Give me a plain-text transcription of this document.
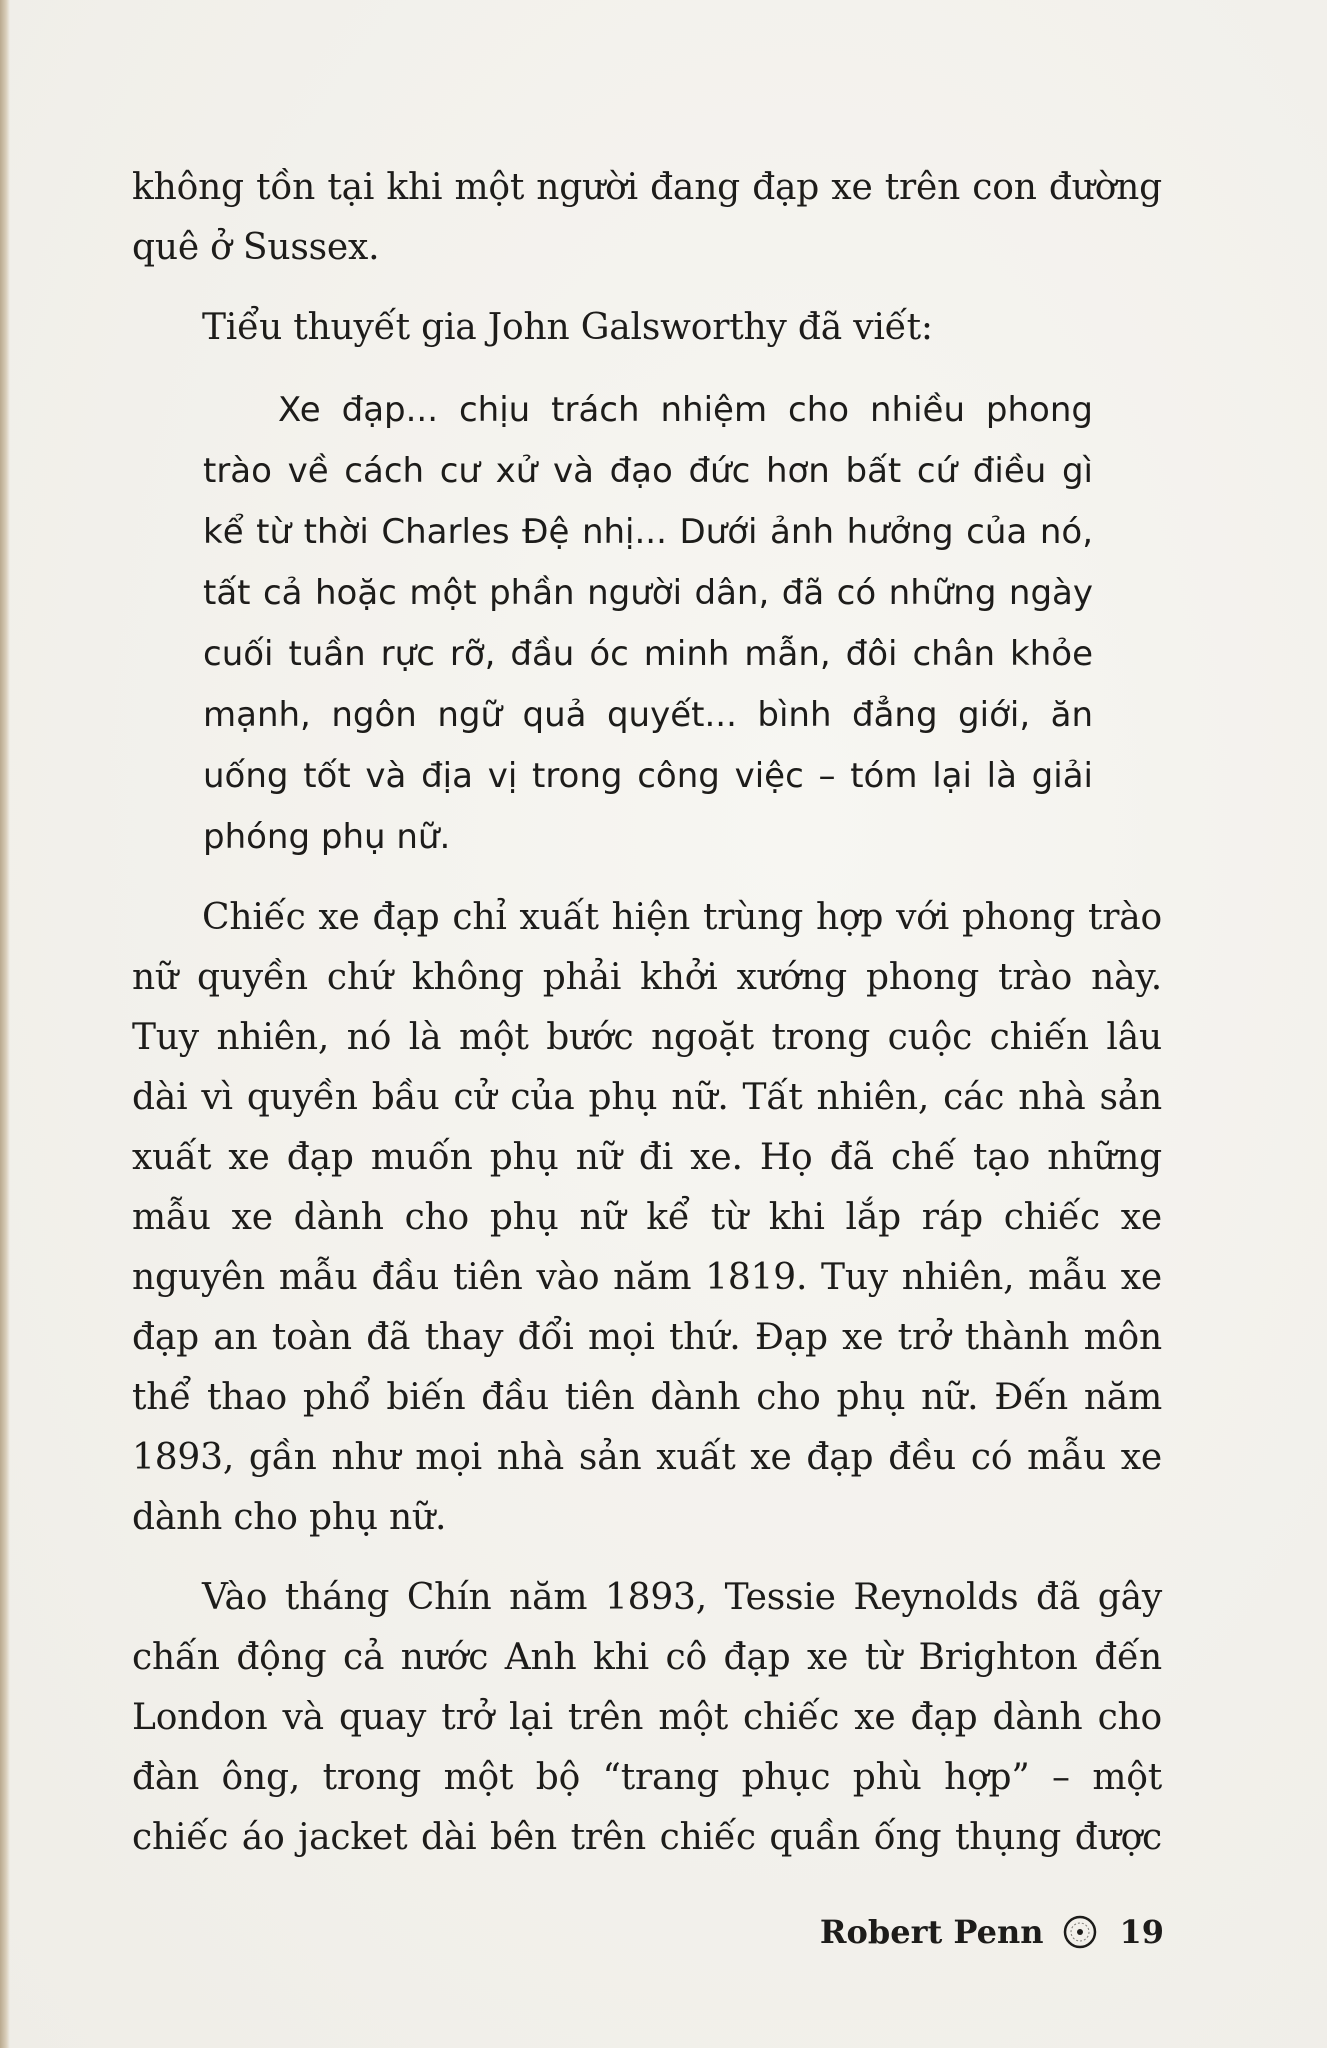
không tồn tại khi một người đang đạp xe trên con đường
quê ở Sussex.
Tiểu thuyết gia John Galsworthy đã viết:
Xe đạp... chịu trách nhiệm cho nhiều phong
trào về cách cư xử và đạo đức hơn bất cứ điều gì
kể từ thời Charles Đệ nhị... Dưới ảnh hưởng của nó,
tất cả hoặc một phần người dân, đã có những ngày
cuối tuần rực rỡ, đầu óc minh mẫn, đôi chân khỏe
mạnh, ngôn ngữ quả quyết... bình đẳng giới, ăn
uống tốt và địa vị trong công việc – tóm lại là giải
phóng phụ nữ.
Chiếc xe đạp chỉ xuất hiện trùng hợp với phong trào
nữ quyền chứ không phải khởi xướng phong trào này.
Tuy nhiên, nó là một bước ngoặt trong cuộc chiến lâu
dài vì quyền bầu cử của phụ nữ. Tất nhiên, các nhà sản
xuất xe đạp muốn phụ nữ đi xe. Họ đã chế tạo những
mẫu xe dành cho phụ nữ kể từ khi lắp ráp chiếc xe
nguyên mẫu đầu tiên vào năm 1819. Tuy nhiên, mẫu xe
đạp an toàn đã thay đổi mọi thứ. Đạp xe trở thành môn
thể thao phổ biến đầu tiên dành cho phụ nữ. Đến năm
1893, gần như mọi nhà sản xuất xe đạp đều có mẫu xe
dành cho phụ nữ.
Vào tháng Chín năm 1893, Tessie Reynolds đã gây
chấn động cả nước Anh khi cô đạp xe từ Brighton đến
London và quay trở lại trên một chiếc xe đạp dành cho
đàn ông, trong một bộ “trang phục phù hợp” – một
chiếc áo jacket dài bên trên chiếc quần ống thụng được
Robert Penn 19
